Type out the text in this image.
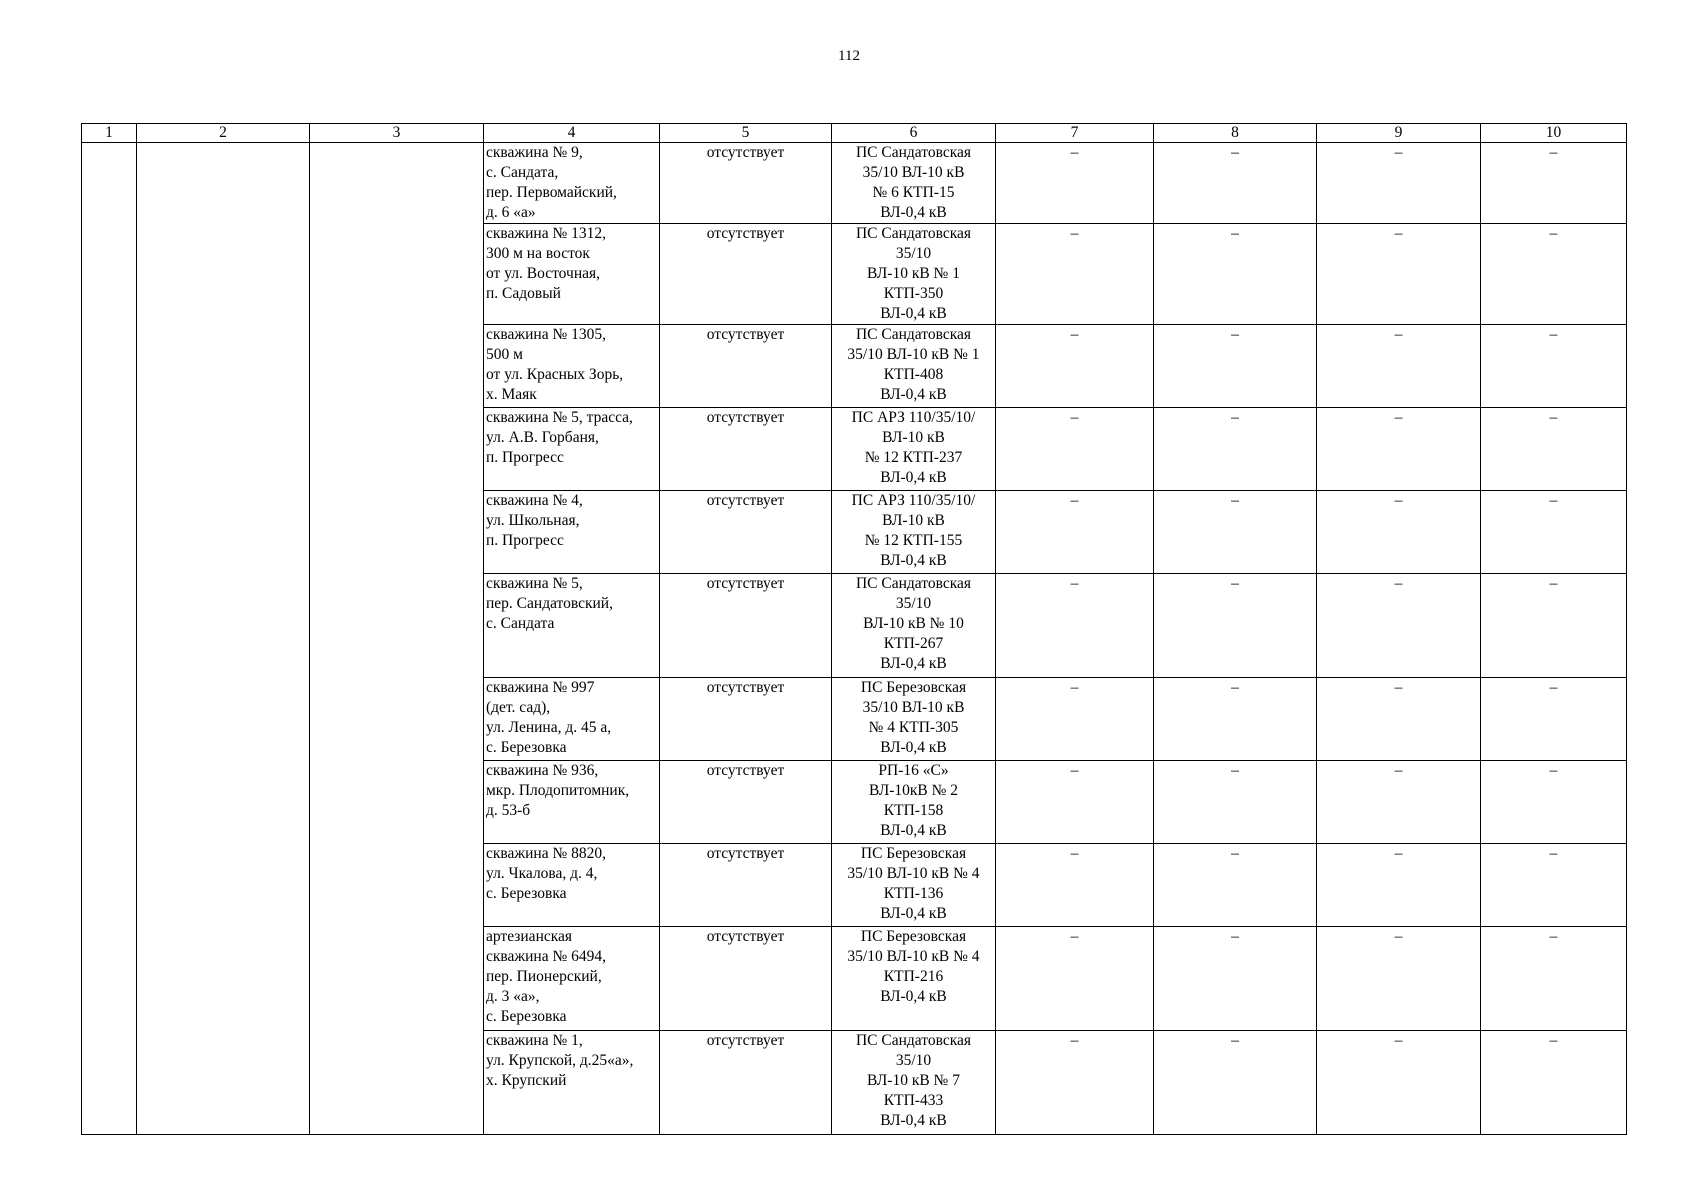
112
1	2	3	4	5	6	7	8	9	10
			скважина № 9,
с. Сандата,
пер. Первомайский,
д. 6 «а»	отсутствует	ПС Сандатовская
35/10 ВЛ-10 кВ
№ 6 КТП-15
ВЛ-0,4 кВ	–	–	–	–
			скважина № 1312,
300 м на восток
от ул. Восточная,
п. Садовый	отсутствует	ПС Сандатовская
35/10
ВЛ-10 кВ № 1
КТП-350
ВЛ-0,4 кВ	–	–	–	–
			скважина № 1305,
500 м
от ул. Красных Зорь,
х. Маяк	отсутствует	ПС Сандатовская
35/10 ВЛ-10 кВ № 1
КТП-408
ВЛ-0,4 кВ	–	–	–	–
			скважина № 5, трасса,
ул. А.В. Горбаня,
п. Прогресс	отсутствует	ПС АРЗ 110/35/10/
ВЛ-10 кВ
№ 12 КТП-237
ВЛ-0,4 кВ	–	–	–	–
			скважина № 4,
ул. Школьная,
п. Прогресс	отсутствует	ПС АРЗ 110/35/10/
ВЛ-10 кВ
№ 12 КТП-155
ВЛ-0,4 кВ	–	–	–	–
			скважина № 5,
пер. Сандатовский,
с. Сандата	отсутствует	ПС Сандатовская
35/10
ВЛ-10 кВ № 10
КТП-267
ВЛ-0,4 кВ	–	–	–	–
			скважина № 997
(дет. сад),
ул. Ленина, д. 45 а,
с. Березовка	отсутствует	ПС Березовская
35/10 ВЛ-10 кВ
№ 4 КТП-305
ВЛ-0,4 кВ	–	–	–	–
			скважина № 936,
мкр. Плодопитомник,
д. 53-б	отсутствует	РП-16 «С»
ВЛ-10кВ № 2
КТП-158
ВЛ-0,4 кВ	–	–	–	–
			скважина № 8820,
ул. Чкалова, д. 4,
с. Березовка	отсутствует	ПС Березовская
35/10 ВЛ-10 кВ № 4
КТП-136
ВЛ-0,4 кВ	–	–	–	–
			артезианская
скважина № 6494,
пер. Пионерский,
д. 3 «а»,
с. Березовка	отсутствует	ПС Березовская
35/10 ВЛ-10 кВ № 4
КТП-216
ВЛ-0,4 кВ	–	–	–	–
			скважина № 1,
ул. Крупской, д.25«а»,
х. Крупский	отсутствует	ПС Сандатовская
35/10
ВЛ-10 кВ № 7
КТП-433
ВЛ-0,4 кВ	–	–	–	–
